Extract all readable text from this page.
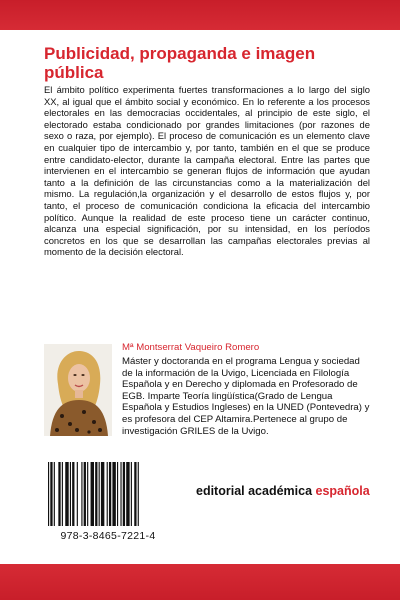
Publicidad, propaganda e imagen pública

El ámbito político experimenta fuertes transformaciones a lo largo del siglo XX, al igual que el ámbito social y económico. En lo referente a los procesos electorales en las democracias occidentales, al principio de este siglo, el electorado estaba condicionado por grandes limitaciones (por razones de sexo o raza, por ejemplo). El proceso de comunicación es un elemento clave en cualquier tipo de intercambio y, por tanto, también en el que se produce entre candidato-elector, durante la campaña electoral. Entre las partes que intervienen en el intercambio se generan flujos de información que ayudan tanto a la definición de las circunstancias como a la materialización del mismo. La regulación,la organización y el desarrollo de estos flujos y, por tanto, el proceso de comunicación condiciona la eficacia del intercambio político. Aunque la realidad de este proceso tiene un carácter continuo, alcanza una especial significación, por su intensidad, en los períodos concretos en los que se desarrollan las campañas electorales previas al momento de la decisión electoral.

Mª Montserrat Vaqueiro Romero

Máster y doctoranda en el programa Lengua y sociedad de la información de la Uvigo, Licenciada en Filología Española y en Derecho y diplomada en Profesorado de EGB. Imparte Teoría lingüística(Grado de Lengua Española y Estudios Ingleses) en la UNED (Pontevedra) y es profesora del CEP Altamira.Pertenece al grupo de investigación GRILES de la Uvigo.

978-3-8465-7221-4
editorial académica española
